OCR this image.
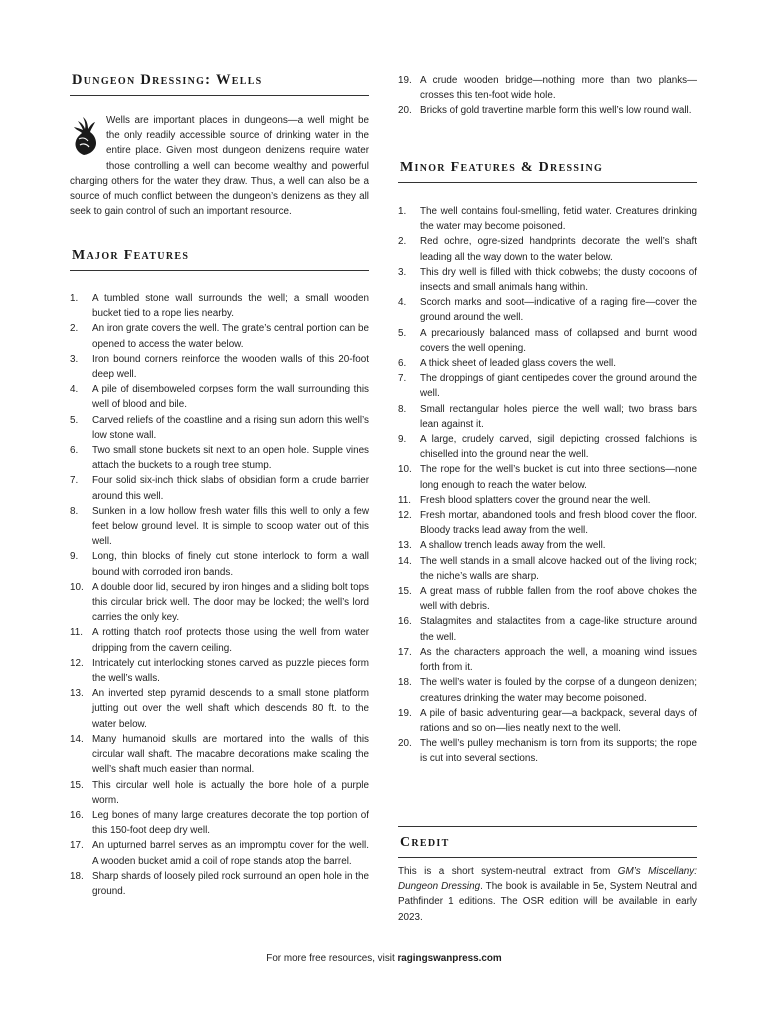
Dungeon Dressing: Wells
Wells are important places in dungeons—a well might be the only readily accessible source of drinking water in the entire place. Given most dungeon denizens require water those controlling a well can become wealthy and powerful charging others for the water they draw. Thus, a well can also be a source of much conflict between the dungeon’s denizens as they all seek to gain control of such an important resource.
Major Features
1. A tumbled stone wall surrounds the well; a small wooden bucket tied to a rope lies nearby.
2. An iron grate covers the well. The grate’s central portion can be opened to access the water below.
3. Iron bound corners reinforce the wooden walls of this 20-foot deep well.
4. A pile of disemboweled corpses form the wall surrounding this well of blood and bile.
5. Carved reliefs of the coastline and a rising sun adorn this well’s low stone wall.
6. Two small stone buckets sit next to an open hole. Supple vines attach the buckets to a rough tree stump.
7. Four solid six-inch thick slabs of obsidian form a crude barrier around this well.
8. Sunken in a low hollow fresh water fills this well to only a few feet below ground level. It is simple to scoop water out of this well.
9. Long, thin blocks of finely cut stone interlock to form a wall bound with corroded iron bands.
10. A double door lid, secured by iron hinges and a sliding bolt tops this circular brick well. The door may be locked; the well’s lord carries the only key.
11. A rotting thatch roof protects those using the well from water dripping from the cavern ceiling.
12. Intricately cut interlocking stones carved as puzzle pieces form the well’s walls.
13. An inverted step pyramid descends to a small stone platform jutting out over the well shaft which descends 80 ft. to the water below.
14. Many humanoid skulls are mortared into the walls of this circular wall shaft. The macabre decorations make scaling the well’s shaft much easier than normal.
15. This circular well hole is actually the bore hole of a purple worm.
16. Leg bones of many large creatures decorate the top portion of this 150-foot deep dry well.
17. An upturned barrel serves as an impromptu cover for the well. A wooden bucket amid a coil of rope stands atop the barrel.
18. Sharp shards of loosely piled rock surround an open hole in the ground.
19. A crude wooden bridge—nothing more than two planks—crosses this ten-foot wide hole.
20. Bricks of gold travertine marble form this well’s low round wall.
Minor Features & Dressing
1. The well contains foul-smelling, fetid water. Creatures drinking the water may become poisoned.
2. Red ochre, ogre-sized handprints decorate the well’s shaft leading all the way down to the water below.
3. This dry well is filled with thick cobwebs; the dusty cocoons of insects and small animals hang within.
4. Scorch marks and soot—indicative of a raging fire—cover the ground around the well.
5. A precariously balanced mass of collapsed and burnt wood covers the well opening.
6. A thick sheet of leaded glass covers the well.
7. The droppings of giant centipedes cover the ground around the well.
8. Small rectangular holes pierce the well wall; two brass bars lean against it.
9. A large, crudely carved, sigil depicting crossed falchions is chiselled into the ground near the well.
10. The rope for the well’s bucket is cut into three sections—none long enough to reach the water below.
11. Fresh blood splatters cover the ground near the well.
12. Fresh mortar, abandoned tools and fresh blood cover the floor. Bloody tracks lead away from the well.
13. A shallow trench leads away from the well.
14. The well stands in a small alcove hacked out of the living rock; the niche’s walls are sharp.
15. A great mass of rubble fallen from the roof above chokes the well with debris.
16. Stalagmites and stalactites from a cage-like structure around the well.
17. As the characters approach the well, a moaning wind issues forth from it.
18. The well’s water is fouled by the corpse of a dungeon denizen; creatures drinking the water may become poisoned.
19. A pile of basic adventuring gear—a backpack, several days of rations and so on—lies neatly next to the well.
20. The well’s pulley mechanism is torn from its supports; the rope is cut into several sections.
Credit

This is a short system-neutral extract from GM’s Miscellany: Dungeon Dressing. The book is available in 5e, System Neutral and Pathfinder 1 editions. The OSR edition will be available in early 2023.

For more free resources, visit ragingswanpress.com
